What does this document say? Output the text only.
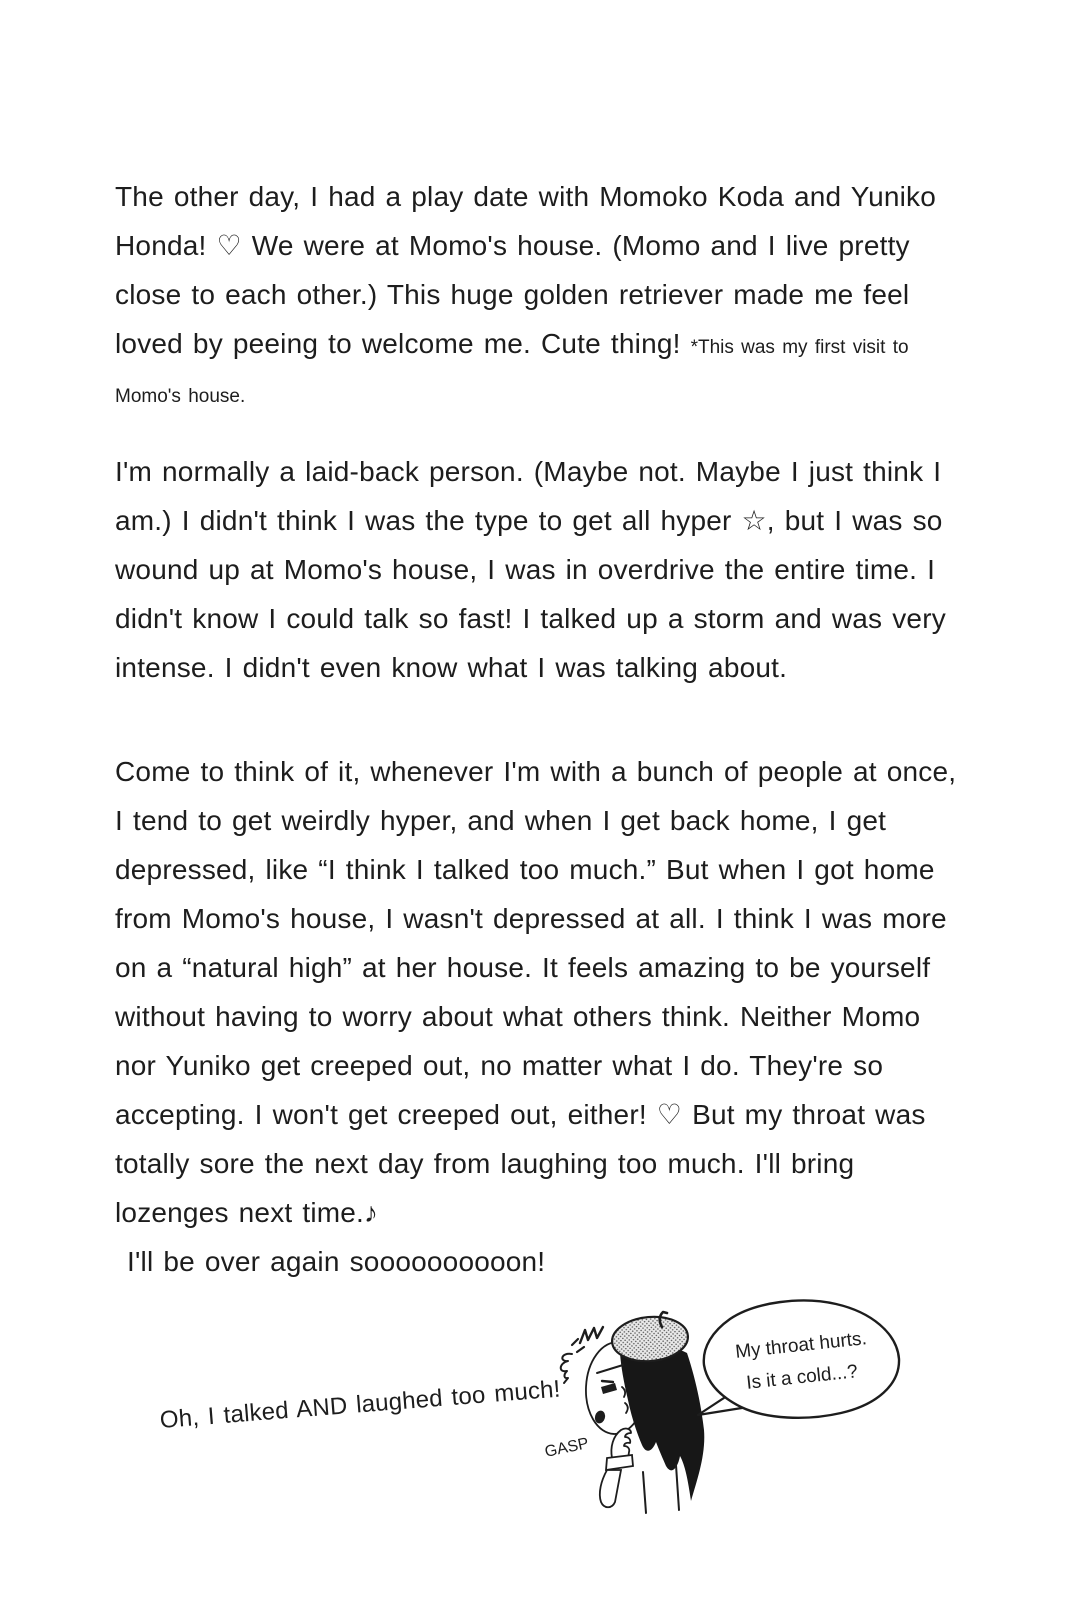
The other day, I had a play date with Momoko Koda and Yuniko
Honda! ♡ We were at Momo's house. (Momo and I live pretty
close to each other.) This huge golden retriever made me feel
loved by peeing to welcome me. Cute thing! *This was my first visit to
Momo's house.
I'm normally a laid-back person. (Maybe not. Maybe I just think I
am.) I didn't think I was the type to get all hyper ☆, but I was so
wound up at Momo's house, I was in overdrive the entire time. I
didn't know I could talk so fast! I talked up a storm and was very
intense. I didn't even know what I was talking about.
Come to think of it, whenever I'm with a bunch of people at once,
I tend to get weirdly hyper, and when I get back home, I get
depressed, like “I think I talked too much.” But when I got home
from Momo's house, I wasn't depressed at all. I think I was more
on a “natural high” at her house. It feels amazing to be yourself
without having to worry about what others think. Neither Momo
nor Yuniko get creeped out, no matter what I do. They're so
accepting. I won't get creeped out, either! ♡ But my throat was
totally sore the next day from laughing too much. I'll bring
lozenges next time.♪
I'll be over again soooooooooon!
Oh, I talked AND laughed too much!
GASP
My throat hurts.
Is it a cold...?
